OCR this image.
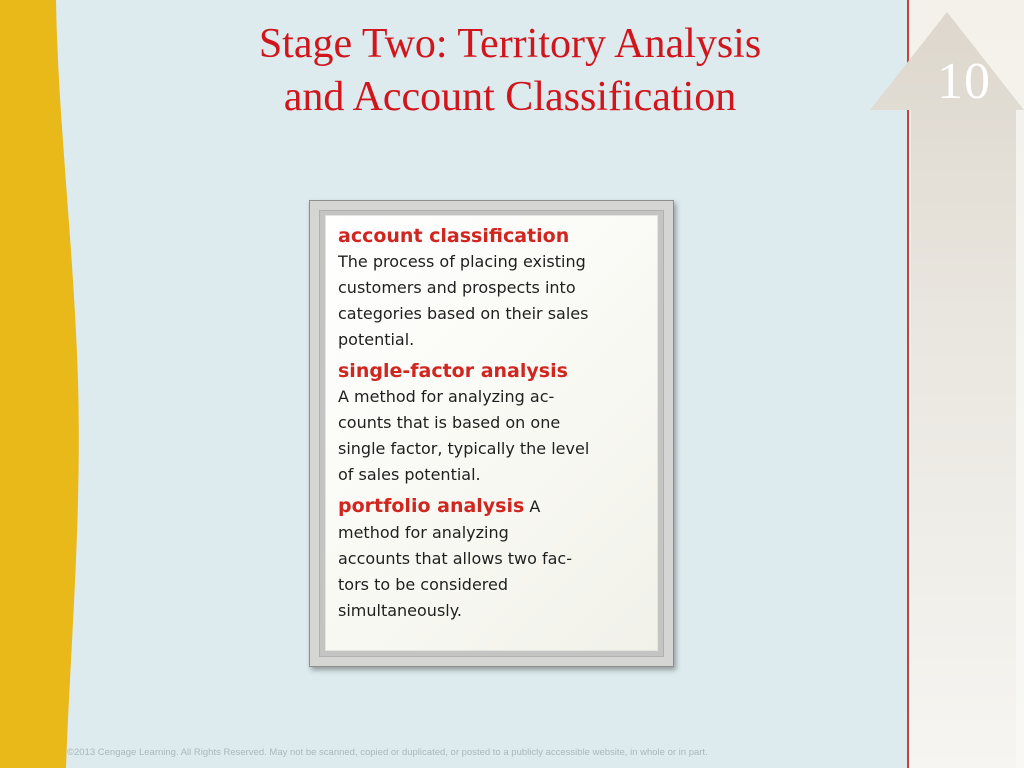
10
Stage Two: Territory Analysis
and Account Classification
account classification

The process of placing existing

customers and prospects into

categories based on their sales

potential.

single-factor analysis

A method for analyzing ac-

counts that is based on one

single factor, typically the level

of sales potential.

portfolio analysis A

method for analyzing

accounts that allows two fac-

tors to be considered

simultaneously.

©2013 Cengage Learning. All Rights Reserved. May not be scanned, copied or duplicated, or posted to a publicly accessible website, in whole or in part.
